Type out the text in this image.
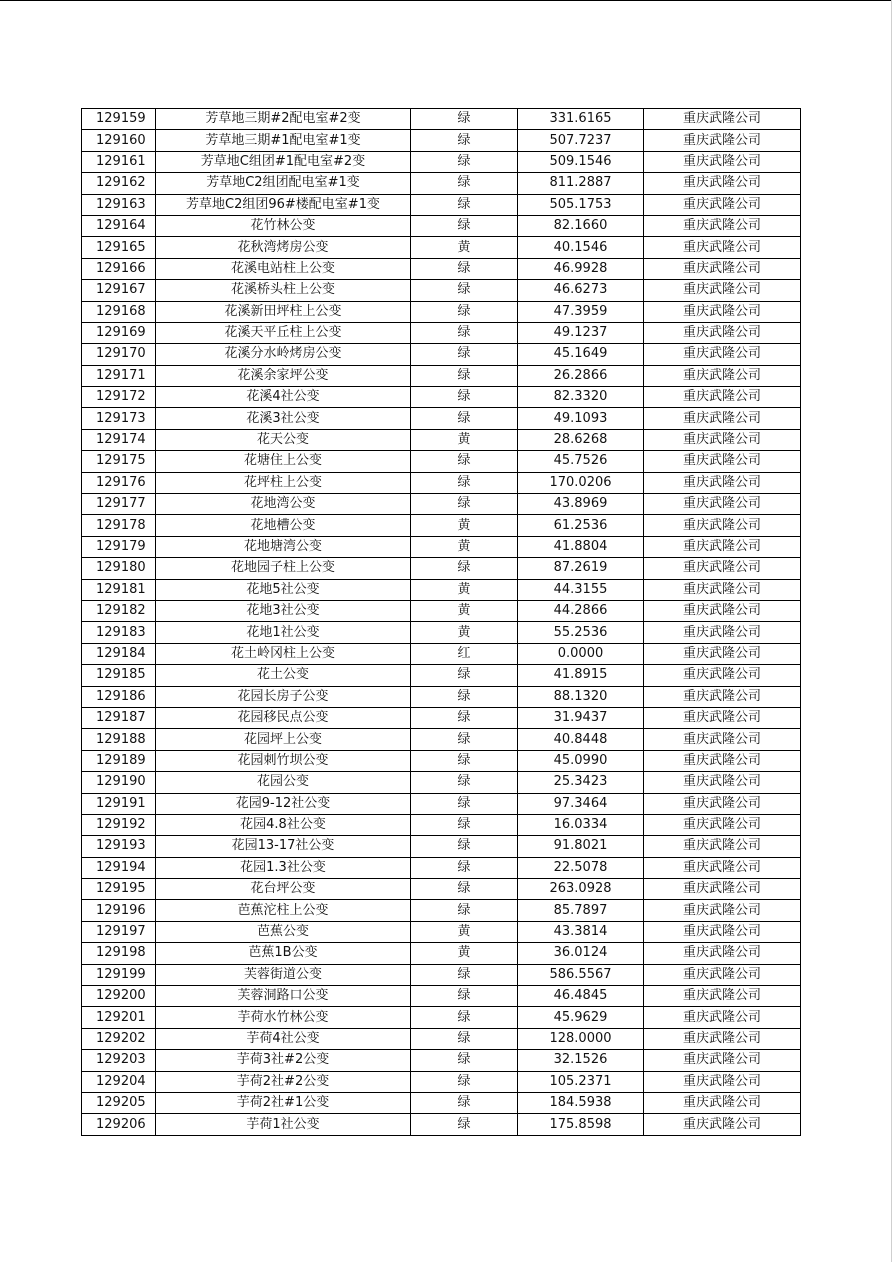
129159	芳草地三期#2配电室#2变	绿	331.6165	重庆武隆公司
129160	芳草地三期#1配电室#1变	绿	507.7237	重庆武隆公司
129161	芳草地C组团#1配电室#2变	绿	509.1546	重庆武隆公司
129162	芳草地C2组团配电室#1变	绿	811.2887	重庆武隆公司
129163	芳草地C2组团96#楼配电室#1变	绿	505.1753	重庆武隆公司
129164	花竹林公变	绿	82.1660	重庆武隆公司
129165	花秋湾烤房公变	黄	40.1546	重庆武隆公司
129166	花溪电站柱上公变	绿	46.9928	重庆武隆公司
129167	花溪桥头柱上公变	绿	46.6273	重庆武隆公司
129168	花溪新田坪柱上公变	绿	47.3959	重庆武隆公司
129169	花溪天平丘柱上公变	绿	49.1237	重庆武隆公司
129170	花溪分水岭烤房公变	绿	45.1649	重庆武隆公司
129171	花溪余家坪公变	绿	26.2866	重庆武隆公司
129172	花溪4社公变	绿	82.3320	重庆武隆公司
129173	花溪3社公变	绿	49.1093	重庆武隆公司
129174	花天公变	黄	28.6268	重庆武隆公司
129175	花塘住上公变	绿	45.7526	重庆武隆公司
129176	花坪柱上公变	绿	170.0206	重庆武隆公司
129177	花地湾公变	绿	43.8969	重庆武隆公司
129178	花地槽公变	黄	61.2536	重庆武隆公司
129179	花地塘湾公变	黄	41.8804	重庆武隆公司
129180	花地园子柱上公变	绿	87.2619	重庆武隆公司
129181	花地5社公变	黄	44.3155	重庆武隆公司
129182	花地3社公变	黄	44.2866	重庆武隆公司
129183	花地1社公变	黄	55.2536	重庆武隆公司
129184	花土岭冈柱上公变	红	0.0000	重庆武隆公司
129185	花土公变	绿	41.8915	重庆武隆公司
129186	花园长房子公变	绿	88.1320	重庆武隆公司
129187	花园移民点公变	绿	31.9437	重庆武隆公司
129188	花园坪上公变	绿	40.8448	重庆武隆公司
129189	花园刺竹坝公变	绿	45.0990	重庆武隆公司
129190	花园公变	绿	25.3423	重庆武隆公司
129191	花园9-12社公变	绿	97.3464	重庆武隆公司
129192	花园4.8社公变	绿	16.0334	重庆武隆公司
129193	花园13-17社公变	绿	91.8021	重庆武隆公司
129194	花园1.3社公变	绿	22.5078	重庆武隆公司
129195	花台坪公变	绿	263.0928	重庆武隆公司
129196	芭蕉沱柱上公变	绿	85.7897	重庆武隆公司
129197	芭蕉公变	黄	43.3814	重庆武隆公司
129198	芭蕉1B公变	黄	36.0124	重庆武隆公司
129199	芙蓉街道公变	绿	586.5567	重庆武隆公司
129200	芙蓉洞路口公变	绿	46.4845	重庆武隆公司
129201	芋荷水竹林公变	绿	45.9629	重庆武隆公司
129202	芋荷4社公变	绿	128.0000	重庆武隆公司
129203	芋荷3社#2公变	绿	32.1526	重庆武隆公司
129204	芋荷2社#2公变	绿	105.2371	重庆武隆公司
129205	芋荷2社#1公变	绿	184.5938	重庆武隆公司
129206	芋荷1社公变	绿	175.8598	重庆武隆公司
